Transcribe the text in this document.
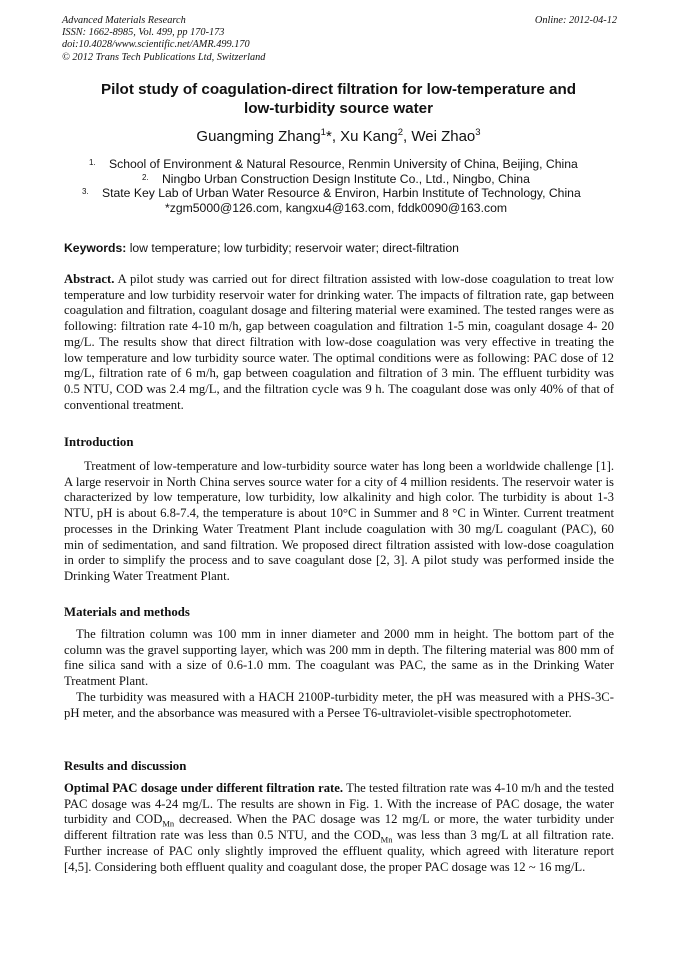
Advanced Materials Research
ISSN: 1662-8985, Vol. 499, pp 170-173
doi:10.4028/www.scientific.net/AMR.499.170
© 2012 Trans Tech Publications Ltd, Switzerland
Online: 2012-04-12
Pilot study of coagulation-direct filtration for low-temperature and
low-turbidity source water
Guangming Zhang$^1$*, Xu Kang$^2$, Wei Zhao$^3$
1. School of Environment & Natural Resource, Renmin University of China, Beijing, China
2. Ningbo Urban Construction Design Institute Co., Ltd., Ningbo, China
3. State Key Lab of Urban Water Resource & Environ, Harbin Institute of Technology, China
*zgm5000@126.com, kangxu4@163.com, fddk0090@163.com
Keywords: low temperature; low turbidity; reservoir water; direct-filtration
Abstract. A pilot study was carried out for direct filtration assisted with low-dose coagulation to treat low temperature and low turbidity reservoir water for drinking water. The impacts of filtration rate, gap between coagulation and filtration, coagulant dosage and filtering material were examined. The tested ranges were as following: filtration rate 4-10 m/h, gap between coagulation and filtration 1-5 min, coagulant dosage 4- 20 mg/L. The results show that direct filtration with low-dose coagulation was very effective in treating the low temperature and low turbidity source water. The optimal conditions were as following: PAC dose of 12 mg/L, filtration rate of 6 m/h, gap between coagulation and filtration of 3 min. The effluent turbidity was 0.5 NTU, COD was 2.4 mg/L, and the filtration cycle was 9 h. The coagulant dose was only 40% of that of conventional treatment.
Introduction
Treatment of low-temperature and low-turbidity source water has long been a worldwide challenge [1]. A large reservoir in North China serves source water for a city of 4 million residents. The reservoir water is characterized by low temperature, low turbidity, low alkalinity and high color. The turbidity is about 1-3 NTU, pH is about 6.8-7.4, the temperature is about 10°C in Summer and 8 °C in Winter. Current treatment processes in the Drinking Water Treatment Plant include coagulation with 30 mg/L coagulant (PAC), 60 min of sedimentation, and sand filtration. We proposed direct filtration assisted with low-dose coagulation in order to simplify the process and to save coagulant dose [2, 3]. A pilot study was performed inside the Drinking Water Treatment Plant.
Materials and methods
The filtration column was 100 mm in inner diameter and 2000 mm in height. The bottom part of the column was the gravel supporting layer, which was 200 mm in depth. The filtering material was 800 mm of fine silica sand with a size of 0.6-1.0 mm. The coagulant was PAC, the same as in the Drinking Water Treatment Plant.
The turbidity was measured with a HACH 2100P-turbidity meter, the pH was measured with a PHS-3C-pH meter, and the absorbance was measured with a Persee T6-ultraviolet-visible spectrophotometer.
Results and discussion
Optimal PAC dosage under different filtration rate. The tested filtration rate was 4-10 m/h and the tested PAC dosage was 4-24 mg/L. The results are shown in Fig. 1. With the increase of PAC dosage, the water turbidity and $COD_{Mn}$ decreased. When the PAC dosage was 12 mg/L or more, the water turbidity under different filtration rate was less than 0.5 NTU, and the $COD_{Mn}$ was less than 3 mg/L at all filtration rate. Further increase of PAC only slightly improved the effluent quality, which agreed with literature report [4,5]. Considering both effluent quality and coagulant dose, the proper PAC dosage was 12 ~ 16 mg/L.
